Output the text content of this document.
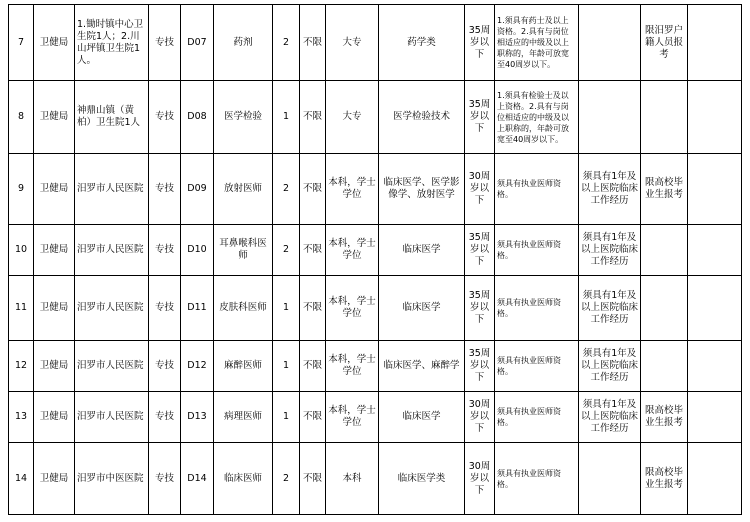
7	卫健局	1.锄时镇中心卫生院1人；2.川山坪镇卫生院1人。	专技	D07	药剂	2	不限	大专	药学类	35周岁以下	1.须具有药士及以上资格。2.具有与岗位相适应的中级及以上职称的，年龄可放宽至40周岁以下。		限汨罗户籍人员报考	
8	卫健局	神鼎山镇（黄柏）卫生院1人	专技	D08	医学检验	1	不限	大专	医学检验技术	35周岁以下	1.须具有检验士及以上资格。2.具有与岗位相适应的中级及以上职称的，年龄可放宽至40周岁以下。			
9	卫健局	汨罗市人民医院	专技	D09	放射医师	2	不限	本科，学士学位	临床医学、医学影像学、放射医学	30周岁以下	须具有执业医师资格。	须具有1年及以上医院临床工作经历	限高校毕业生报考	
10	卫健局	汨罗市人民医院	专技	D10	耳鼻喉科医师	2	不限	本科，学士学位	临床医学	35周岁以下	须具有执业医师资格。	须具有1年及以上医院临床工作经历		
11	卫健局	汨罗市人民医院	专技	D11	皮肤科医师	1	不限	本科，学士学位	临床医学	35周岁以下	须具有执业医师资格。	须具有1年及以上医院临床工作经历		
12	卫健局	汨罗市人民医院	专技	D12	麻醉医师	1	不限	本科，学士学位	临床医学、麻醉学	35周岁以下	须具有执业医师资格。	须具有1年及以上医院临床工作经历		
13	卫健局	汨罗市人民医院	专技	D13	病理医师	1	不限	本科，学士学位	临床医学	30周岁以下	须具有执业医师资格。	须具有1年及以上医院临床工作经历	限高校毕业生报考	
14	卫健局	汨罗市中医医院	专技	D14	临床医师	2	不限	本科	临床医学类	30周岁以下	须具有执业医师资格。		限高校毕业生报考	
